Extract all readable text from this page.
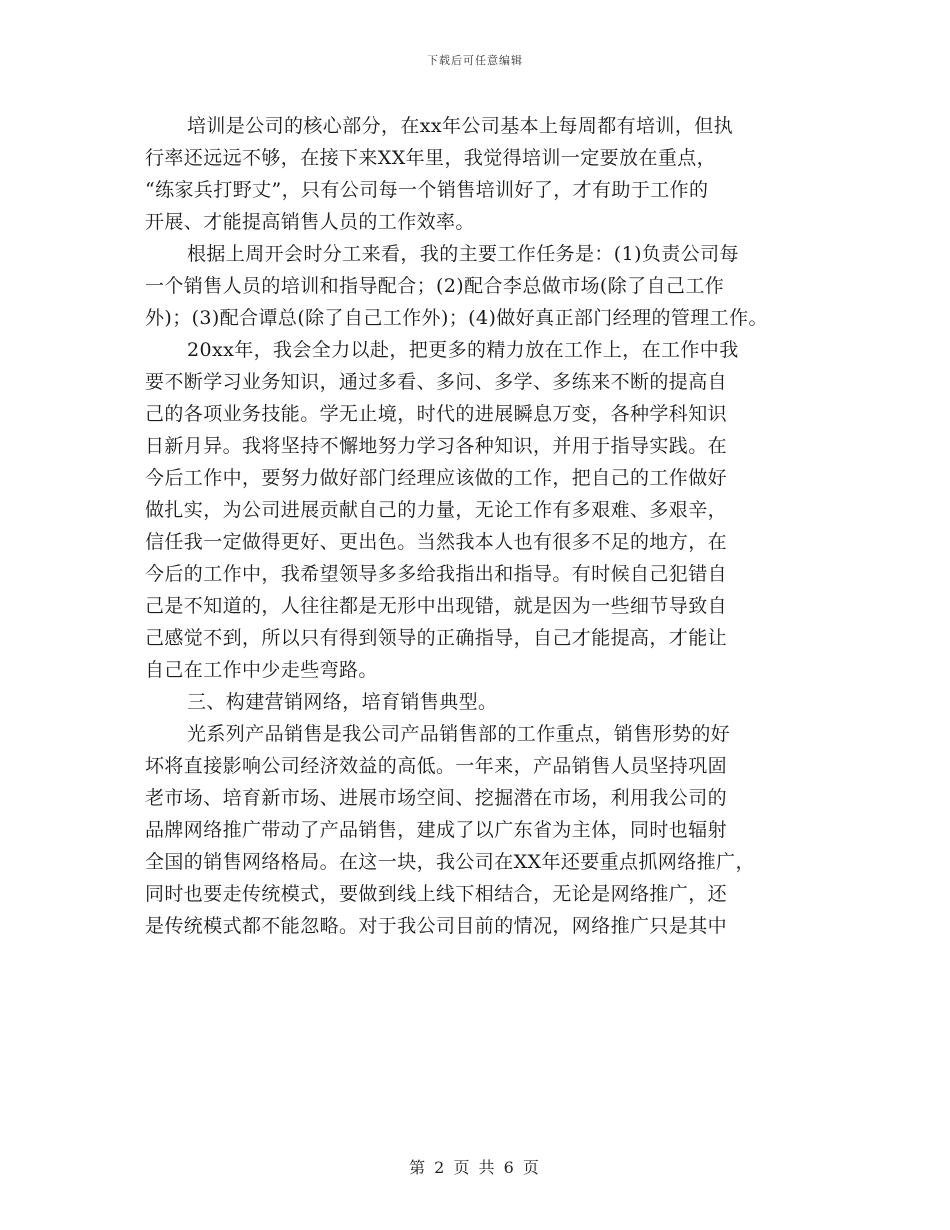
下载后可任意编辑
培训是公司的核心部分，在xx年公司基本上每周都有培训，但执
行率还远远不够，在接下来XX年里，我觉得培训一定要放在重点，
“练家兵打野丈”，只有公司每一个销售培训好了，才有助于工作的
开展、才能提高销售人员的工作效率。
根据上周开会时分工来看，我的主要工作任务是：(1)负责公司每
一个销售人员的培训和指导配合；(2)配合李总做市场(除了自己工作
外)；(3)配合谭总(除了自己工作外)；(4)做好真正部门经理的管理工作。
20xx年，我会全力以赴，把更多的精力放在工作上，在工作中我
要不断学习业务知识，通过多看、多问、多学、多练来不断的提高自
己的各项业务技能。学无止境，时代的进展瞬息万变，各种学科知识
日新月异。我将坚持不懈地努力学习各种知识，并用于指导实践。在
今后工作中，要努力做好部门经理应该做的工作，把自己的工作做好
做扎实，为公司进展贡献自己的力量，无论工作有多艰难、多艰辛，
信任我一定做得更好、更出色。当然我本人也有很多不足的地方，在
今后的工作中，我希望领导多多给我指出和指导。有时候自己犯错自
己是不知道的，人往往都是无形中出现错，就是因为一些细节导致自
己感觉不到，所以只有得到领导的正确指导，自己才能提高，才能让
自己在工作中少走些弯路。
三、构建营销网络，培育销售典型。
光系列产品销售是我公司产品销售部的工作重点，销售形势的好
坏将直接影响公司经济效益的高低。一年来，产品销售人员坚持巩固
老市场、培育新市场、进展市场空间、挖掘潜在市场，利用我公司的
品牌网络推广带动了产品销售，建成了以广东省为主体，同时也辐射
全国的销售网络格局。在这一块，我公司在XX年还要重点抓网络推广，
同时也要走传统模式，要做到线上线下相结合，无论是网络推广，还
是传统模式都不能忽略。对于我公司目前的情况，网络推广只是其中
第 2 页 共 6 页
